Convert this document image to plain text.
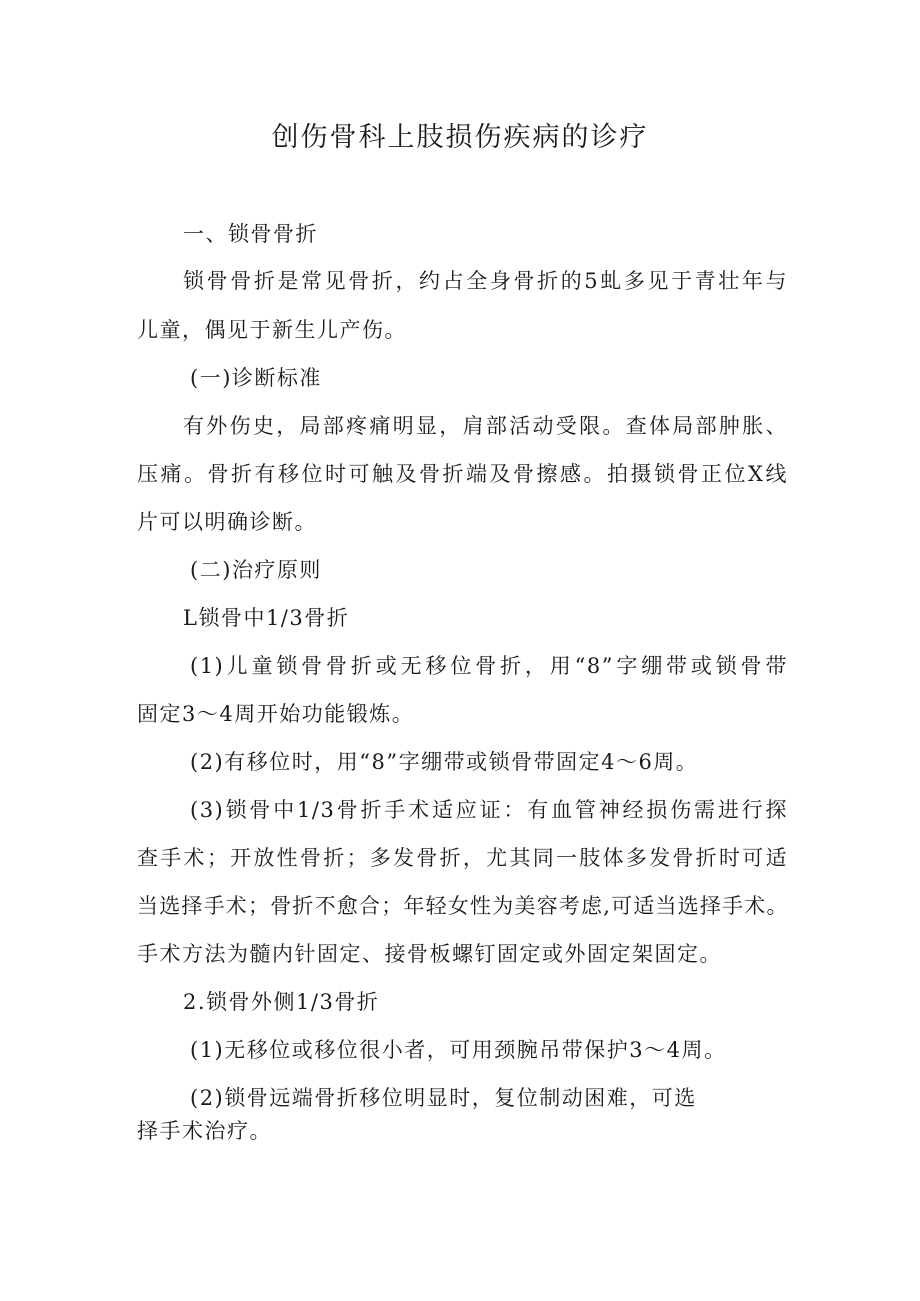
创伤骨科上肢损伤疾病的诊疗
一、锁骨骨折
锁骨骨折是常见骨折，约占全身骨折的5虬多见于青壮年与
儿童，偶见于新生儿产伤。
(一)诊断标准
有外伤史，局部疼痛明显，肩部活动受限。查体局部肿胀、
压痛。骨折有移位时可触及骨折端及骨擦感。拍摄锁骨正位X线
片可以明确诊断。
(二)治疗原则
L锁骨中1/3骨折
(1)儿童锁骨骨折或无移位骨折，用“8”字绷带或锁骨带
固定3〜4周开始功能锻炼。
(2)有移位时，用“8”字绷带或锁骨带固定4〜6周。
(3)锁骨中1/3骨折手术适应证：有血管神经损伤需进行探
查手术；开放性骨折；多发骨折，尤其同一肢体多发骨折时可适
当选择手术；骨折不愈合；年轻女性为美容考虑,可适当选择手术。
手术方法为髓内针固定、接骨板螺钉固定或外固定架固定。
2.锁骨外侧1/3骨折
(1)无移位或移位很小者，可用颈腕吊带保护3〜4周。
(2)锁骨远端骨折移位明显时，复位制动困难，可选
择手术治疗。
